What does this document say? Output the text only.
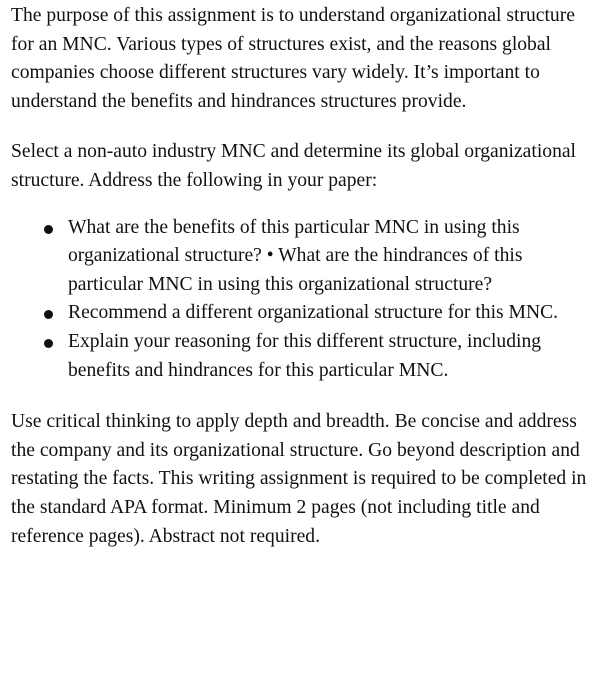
The purpose of this assignment is to understand organizational structure for an MNC. Various types of structures exist, and the reasons global companies choose different structures vary widely. It’s important to understand the benefits and hindrances structures provide.

Select a non-auto industry MNC and determine its global organizational structure. Address the following in your paper:

What are the benefits of this particular MNC in using this organizational structure? • What are the hindrances of this particular MNC in using this organizational structure?
Recommend a different organizational structure for this MNC.
Explain your reasoning for this different structure, including benefits and hindrances for this particular MNC.

Use critical thinking to apply depth and breadth. Be concise and address the company and its organizational structure. Go beyond description and restating the facts. This writing assignment is required to be completed in the standard APA format. Minimum 2 pages (not including title and reference pages). Abstract not required.
